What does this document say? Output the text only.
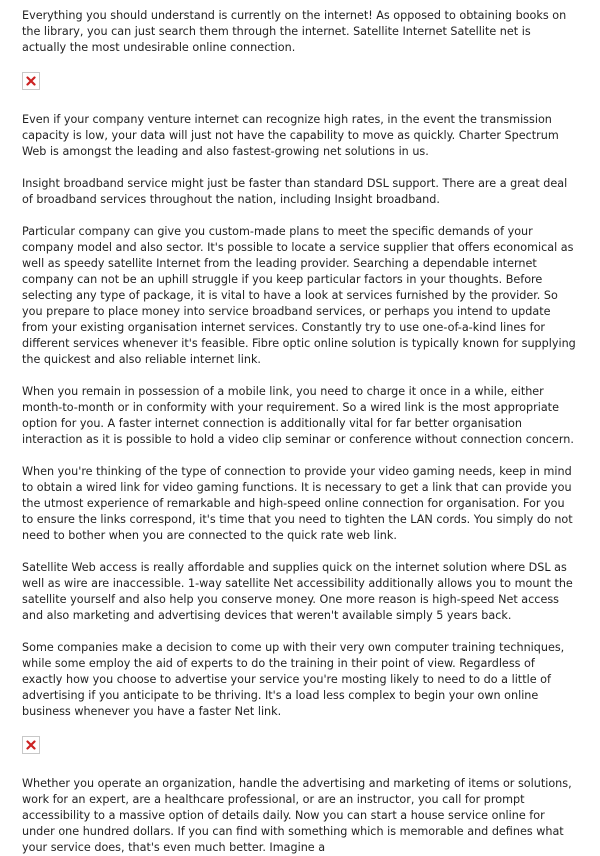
Everything you should understand is currently on the internet! As opposed to obtaining books on the library, you can just search them through the internet. Satellite Internet Satellite net is actually the most undesirable online connection.

Even if your company venture internet can recognize high rates, in the event the transmission capacity is low, your data will just not have the capability to move as quickly. Charter Spectrum Web is amongst the leading and also fastest-growing net solutions in us.

Insight broadband service might just be faster than standard DSL support. There are a great deal of broadband services throughout the nation, including Insight broadband.

Particular company can give you custom-made plans to meet the specific demands of your company model and also sector. It's possible to locate a service supplier that offers economical as well as speedy satellite Internet from the leading provider. Searching a dependable internet company can not be an uphill struggle if you keep particular factors in your thoughts. Before selecting any type of package, it is vital to have a look at services furnished by the provider. So you prepare to place money into service broadband services, or perhaps you intend to update from your existing organisation internet services. Constantly try to use one-of-a-kind lines for different services whenever it's feasible. Fibre optic online solution is typically known for supplying the quickest and also reliable internet link.

When you remain in possession of a mobile link, you need to charge it once in a while, either month-to-month or in conformity with your requirement. So a wired link is the most appropriate option for you. A faster internet connection is additionally vital for far better organisation interaction as it is possible to hold a video clip seminar or conference without connection concern.

When you're thinking of the type of connection to provide your video gaming needs, keep in mind to obtain a wired link for video gaming functions. It is necessary to get a link that can provide you the utmost experience of remarkable and high-speed online connection for organisation. For you to ensure the links correspond, it's time that you need to tighten the LAN cords. You simply do not need to bother when you are connected to the quick rate web link.

Satellite Web access is really affordable and supplies quick on the internet solution where DSL as well as wire are inaccessible. 1-way satellite Net accessibility additionally allows you to mount the satellite yourself and also help you conserve money. One more reason is high-speed Net access and also marketing and advertising devices that weren't available simply 5 years back.

Some companies make a decision to come up with their very own computer training techniques, while some employ the aid of experts to do the training in their point of view. Regardless of exactly how you choose to advertise your service you're mosting likely to need to do a little of advertising if you anticipate to be thriving. It's a load less complex to begin your own online business whenever you have a faster Net link.

Whether you operate an organization, handle the advertising and marketing of items or solutions, work for an expert, are a healthcare professional, or are an instructor, you call for prompt accessibility to a massive option of details daily. Now you can start a house service online for under one hundred dollars. If you can find with something which is memorable and defines what your service does, that's even much better. Imagine a
